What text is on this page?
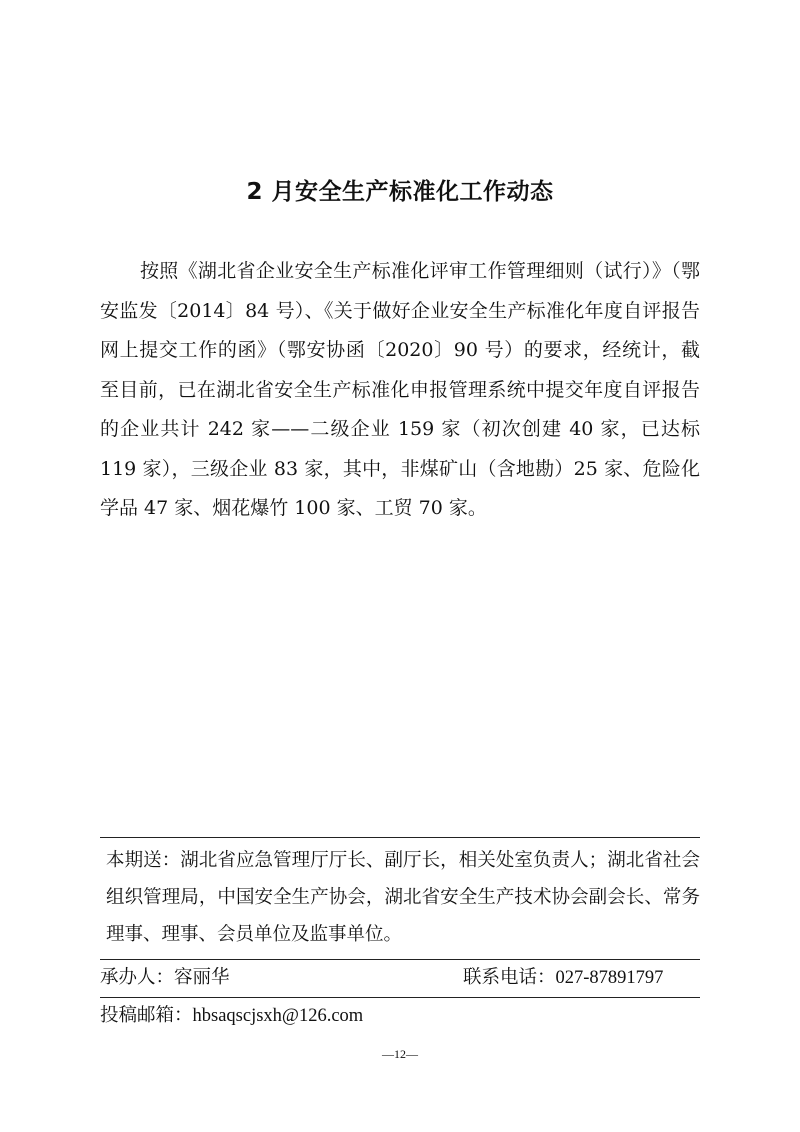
2 月安全生产标准化工作动态

按照《湖北省企业安全生产标准化评审工作管理细则（试行）》（鄂安监发〔2014〕84 号）、《关于做好企业安全生产标准化年度自评报告网上提交工作的函》（鄂安协函〔2020〕90 号）的要求，经统计，截至目前，已在湖北省安全生产标准化申报管理系统中提交年度自评报告的企业共计 242 家——二级企业 159 家（初次创建 40 家，已达标 119 家），三级企业 83 家，其中，非煤矿山（含地勘）25 家、危险化学品 47 家、烟花爆竹 100 家、工贸 70 家。

本期送：湖北省应急管理厅厅长、副厅长，相关处室负责人；湖北省社会组织管理局，中国安全生产协会，湖北省安全生产技术协会副会长、常务理事、理事、会员单位及监事单位。

承办人：容丽华	联系电话：027-87891797
投稿邮箱：hbsaqscjsxh@126.com
—12—
